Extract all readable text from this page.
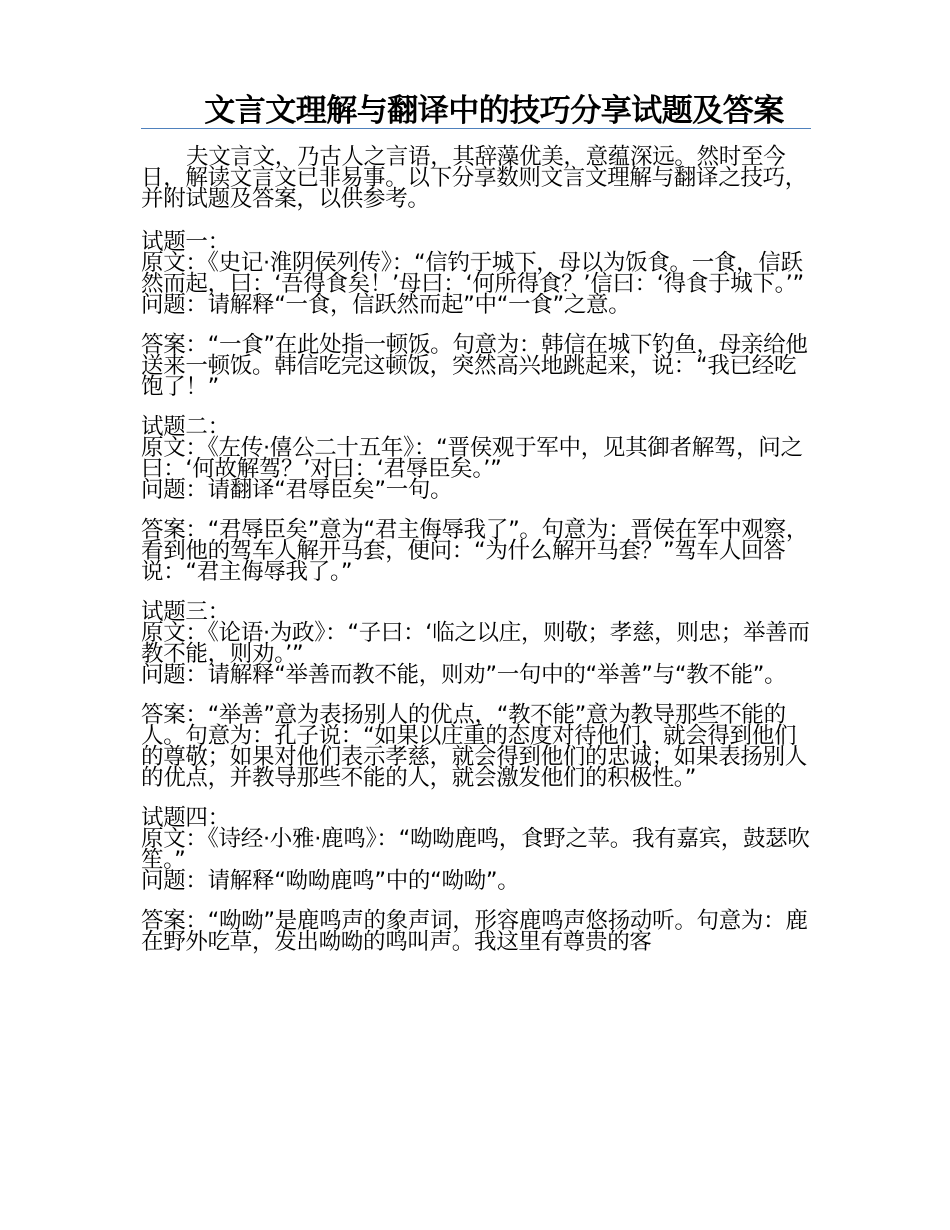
文言文理解与翻译中的技巧分享试题及答案

夫文言文，乃古人之言语，其辞藻优美，意蕴深远。然时至今日，解读文言文已非易事。以下分享数则文言文理解与翻译之技巧，并附试题及答案，以供参考。

试题一：
原文：《史记·淮阴侯列传》：“信钓于城下，母以为饭食。一食，信跃然而起，曰：‘吾得食矣！’母曰：‘何所得食？’信曰：‘得食于城下。’”
问题：请解释“一食，信跃然而起”中“一食”之意。
答案：“一食”在此处指一顿饭。句意为：韩信在城下钓鱼，母亲给他送来一顿饭。韩信吃完这顿饭，突然高兴地跳起来，说：“我已经吃饱了！”
试题二：
原文：《左传·僖公二十五年》：“晋侯观于军中，见其御者解驾，问之曰：‘何故解驾？’对曰：‘君辱臣矣。’”
问题：请翻译“君辱臣矣”一句。
答案：“君辱臣矣”意为“君主侮辱我了”。句意为：晋侯在军中观察，看到他的驾车人解开马套，便问：“为什么解开马套？”驾车人回答说：“君主侮辱我了。”
试题三：
原文：《论语·为政》：“子曰：‘临之以庄，则敬；孝慈，则忠；举善而教不能，则劝。’”
问题：请解释“举善而教不能，则劝”一句中的“举善”与“教不能”。
答案：“举善”意为表扬别人的优点，“教不能”意为教导那些不能的人。句意为：孔子说：“如果以庄重的态度对待他们，就会得到他们的尊敬；如果对他们表示孝慈，就会得到他们的忠诚；如果表扬别人的优点，并教导那些不能的人，就会激发他们的积极性。”
试题四：
原文：《诗经·小雅·鹿鸣》：“呦呦鹿鸣，食野之苹。我有嘉宾，鼓瑟吹笙。”
问题：请解释“呦呦鹿鸣”中的“呦呦”。
答案：“呦呦”是鹿鸣声的象声词，形容鹿鸣声悠扬动听。句意为：鹿在野外吃草，发出呦呦的鸣叫声。我这里有尊贵的客
